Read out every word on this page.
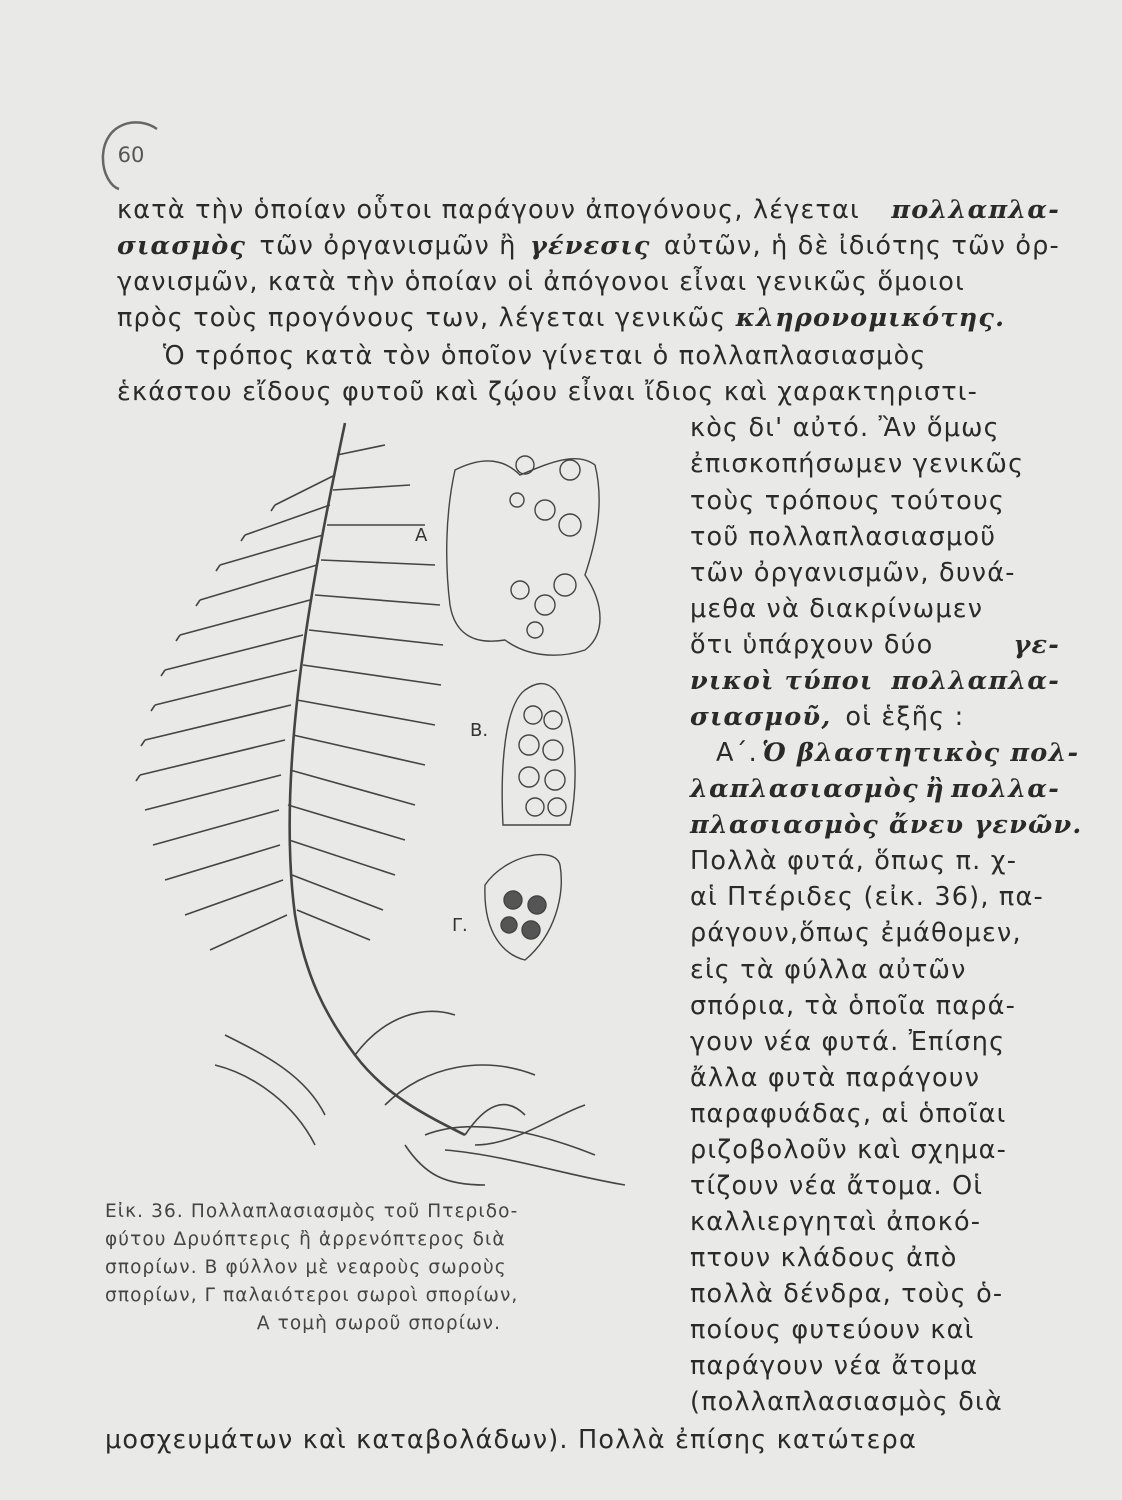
60
κατὰ τὴν ὁποίαν οὗτοι παράγουν ἀπογόνους, λέγεται πολλαπλα-
σιασμὸς τῶν ὀργανισμῶν ἢ γένεσις αὐτῶν, ἡ δὲ ἰδιότης τῶν ὀρ-
γανισμῶν, κατὰ τὴν ὁποίαν οἱ ἀπόγονοι εἶναι γενικῶς ὅμοιοι
πρὸς τοὺς προγόνους των, λέγεται γενικῶς κληρονομικότης.
Ὁ τρόπος κατὰ τὸν ὁποῖον γίνεται ὁ πολλαπλασιασμὸς
ἑκάστου εἴδους φυτοῦ καὶ ζῴου εἶναι ἴδιος καὶ χαρακτηριστι-
κὸς δι' αὐτό. Ἂν ὅμως
ἐπισκοπήσωμεν γενικῶς
τοὺς τρόπους τούτους
τοῦ πολλαπλασιασμοῦ
τῶν ὀργανισμῶν, δυνά-
μεθα νὰ διακρίνωμεν
ὅτι ὑπάρχουν δύο	γε-
νικοὶ τύποι πολλαπλα-
σιασμοῦ, οἱ ἑξῆς :
Α΄. Ὁ βλαστητικὸς πολ-
λαπλασιασμὸς ἢ πολλα-
πλασιασμὸς ἄνευ γενῶν.
Πολλὰ φυτά, ὅπως π. χ-
αἱ Πτέριδες (εἰκ. 36), πα-
ράγουν,ὅπως ἐμάθομεν,
εἰς τὰ φύλλα αὐτῶν
σπόρια, τὰ ὁποῖα παρά-
γουν νέα φυτά. Ἐπίσης
ἄλλα φυτὰ παράγουν
παραφυάδας, αἱ ὁποῖαι
ριζοβολοῦν καὶ σχημα-
τίζουν νέα ἄτομα. Οἱ
καλλιεργηταὶ ἀποκό-
πτουν κλάδους ἀπὸ
πολλὰ δένδρα, τοὺς ὁ-
ποίους φυτεύουν καὶ
παράγουν νέα ἄτομα
(πολλαπλασιασμὸς διὰ
μοσχευμάτων καὶ καταβολάδων). Πολλὰ ἐπίσης κατώτερα
Α
Β.
Γ.
Εἰκ. 36. Πολλαπλασιασμὸς τοῦ Πτεριδο-
φύτου Δρυόπτερις ἢ ἀρρενόπτερος διὰ
σπορίων. Β φύλλον μὲ νεαροὺς σωροὺς
σπορίων, Γ παλαιότεροι σωροὶ σπορίων,
Α τομὴ σωροῦ σπορίων.
